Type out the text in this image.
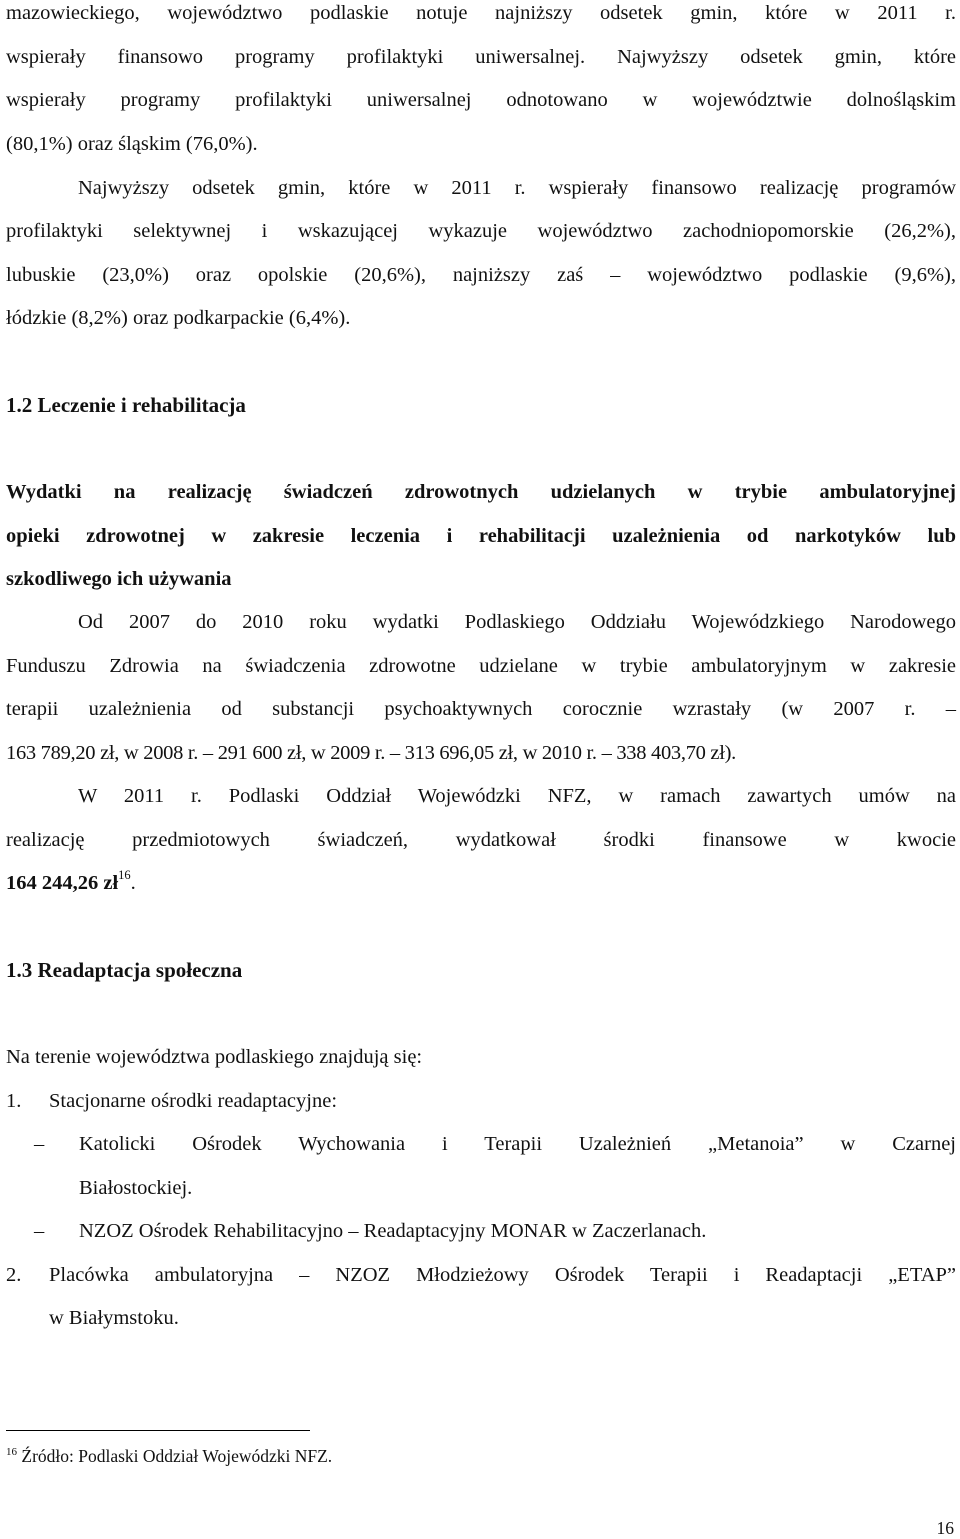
mazowieckiego, województwo podlaskie notuje najniższy odsetek gmin, które w 2011 r.
wspierały finansowo programy profilaktyki uniwersalnej. Najwyższy odsetek gmin, które
wspierały programy profilaktyki uniwersalnej odnotowano w województwie dolnośląskim
(80,1%) oraz śląskim (76,0%).
Najwyższy odsetek gmin, które w 2011 r. wspierały finansowo realizację programów
profilaktyki selektywnej i wskazującej wykazuje województwo zachodniopomorskie (26,2%),
lubuskie (23,0%) oraz opolskie (20,6%), najniższy zaś – województwo podlaskie (9,6%),
łódzkie (8,2%) oraz podkarpackie (6,4%).
1.2 Leczenie i rehabilitacja
Wydatki na realizację świadczeń zdrowotnych udzielanych w trybie ambulatoryjnej
opieki zdrowotnej w zakresie leczenia i rehabilitacji uzależnienia od narkotyków lub
szkodliwego ich używania
Od 2007 do 2010 roku wydatki Podlaskiego Oddziału Wojewódzkiego Narodowego
Funduszu Zdrowia na świadczenia zdrowotne udzielane w trybie ambulatoryjnym w zakresie
terapii uzależnienia od substancji psychoaktywnych corocznie wzrastały (w 2007 r. –
163 789,20 zł, w 2008 r. – 291 600 zł, w 2009 r. – 313 696,05 zł, w 2010 r. – 338 403,70 zł).
W 2011 r. Podlaski Oddział Wojewódzki NFZ, w ramach zawartych umów na
realizację przedmiotowych świadczeń, wydatkował środki finansowe w kwocie
164 244,26 zł$^{16}$.
1.3 Readaptacja społeczna
Na terenie województwa podlaskiego znajdują się:
1. Stacjonarne ośrodki readaptacyjne:
– Katolicki Ośrodek Wychowania i Terapii Uzależnień „Metanoia” w Czarnej
Białostockiej.
– NZOZ Ośrodek Rehabilitacyjno – Readaptacyjny MONAR w Zaczerlanach.
2. Placówka ambulatoryjna – NZOZ Młodzieżowy Ośrodek Terapii i Readaptacji „ETAP”
w Białymstoku.
$^{16}$ Źródło: Podlaski Oddział Wojewódzki NFZ.
16
